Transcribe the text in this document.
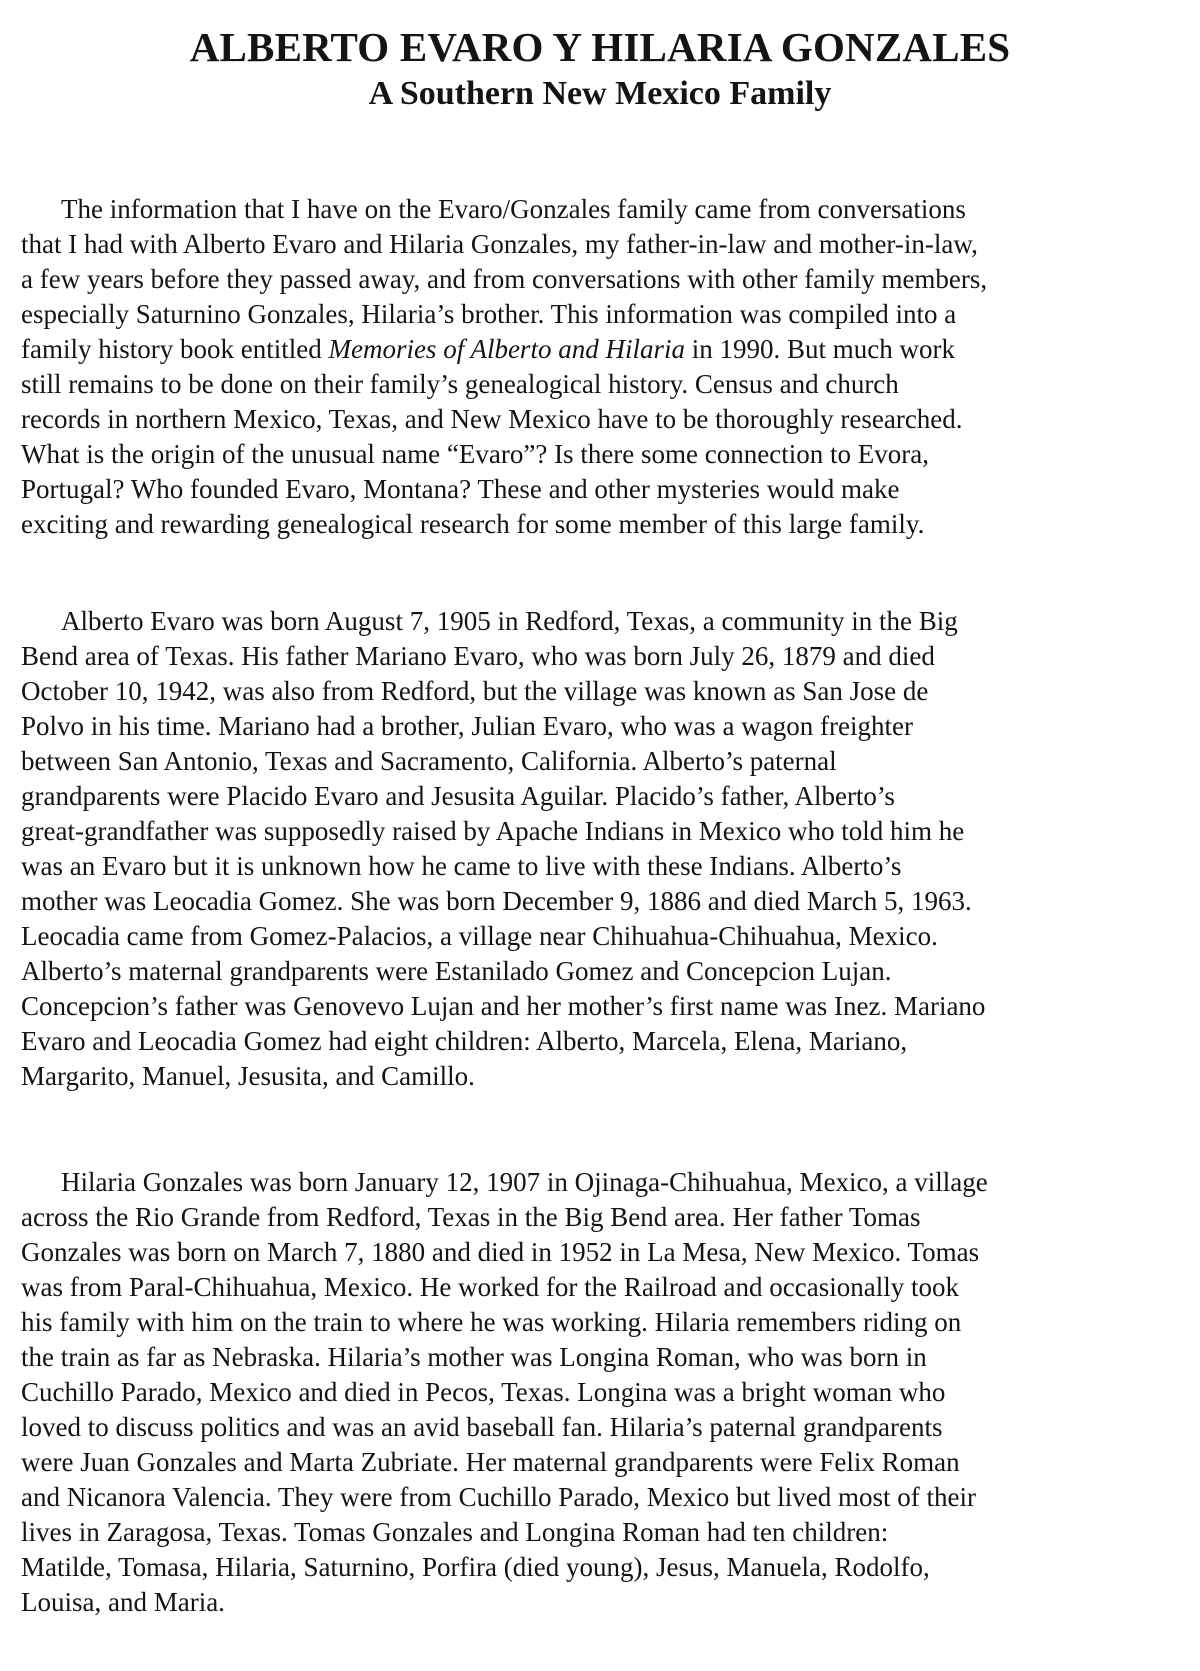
ALBERTO EVARO Y HILARIA GONZALES
A Southern New Mexico Family
The information that I have on the Evaro/Gonzales family came from conversations
that I had with Alberto Evaro and Hilaria Gonzales, my father-in-law and mother-in-law,
a few years before they passed away, and from conversations with other family members,
especially Saturnino Gonzales, Hilaria’s brother. This information was compiled into a
family history book entitled Memories of Alberto and Hilaria in 1990. But much work
still remains to be done on their family’s genealogical history. Census and church
records in northern Mexico, Texas, and New Mexico have to be thoroughly researched.
What is the origin of the unusual name “Evaro”? Is there some connection to Evora,
Portugal? Who founded Evaro, Montana? These and other mysteries would make
exciting and rewarding genealogical research for some member of this large family.
Alberto Evaro was born August 7, 1905 in Redford, Texas, a community in the Big
Bend area of Texas. His father Mariano Evaro, who was born July 26, 1879 and died
October 10, 1942, was also from Redford, but the village was known as San Jose de
Polvo in his time. Mariano had a brother, Julian Evaro, who was a wagon freighter
between San Antonio, Texas and Sacramento, California. Alberto’s paternal
grandparents were Placido Evaro and Jesusita Aguilar. Placido’s father, Alberto’s
great-grandfather was supposedly raised by Apache Indians in Mexico who told him he
was an Evaro but it is unknown how he came to live with these Indians. Alberto’s
mother was Leocadia Gomez. She was born December 9, 1886 and died March 5, 1963.
Leocadia came from Gomez-Palacios, a village near Chihuahua-Chihuahua, Mexico.
Alberto’s maternal grandparents were Estanilado Gomez and Concepcion Lujan.
Concepcion’s father was Genovevo Lujan and her mother’s first name was Inez. Mariano
Evaro and Leocadia Gomez had eight children: Alberto, Marcela, Elena, Mariano,
Margarito, Manuel, Jesusita, and Camillo.
Hilaria Gonzales was born January 12, 1907 in Ojinaga-Chihuahua, Mexico, a village
across the Rio Grande from Redford, Texas in the Big Bend area. Her father Tomas
Gonzales was born on March 7, 1880 and died in 1952 in La Mesa, New Mexico. Tomas
was from Paral-Chihuahua, Mexico. He worked for the Railroad and occasionally took
his family with him on the train to where he was working. Hilaria remembers riding on
the train as far as Nebraska. Hilaria’s mother was Longina Roman, who was born in
Cuchillo Parado, Mexico and died in Pecos, Texas. Longina was a bright woman who
loved to discuss politics and was an avid baseball fan. Hilaria’s paternal grandparents
were Juan Gonzales and Marta Zubriate. Her maternal grandparents were Felix Roman
and Nicanora Valencia. They were from Cuchillo Parado, Mexico but lived most of their
lives in Zaragosa, Texas. Tomas Gonzales and Longina Roman had ten children:
Matilde, Tomasa, Hilaria, Saturnino, Porfira (died young), Jesus, Manuela, Rodolfo,
Louisa, and Maria.
